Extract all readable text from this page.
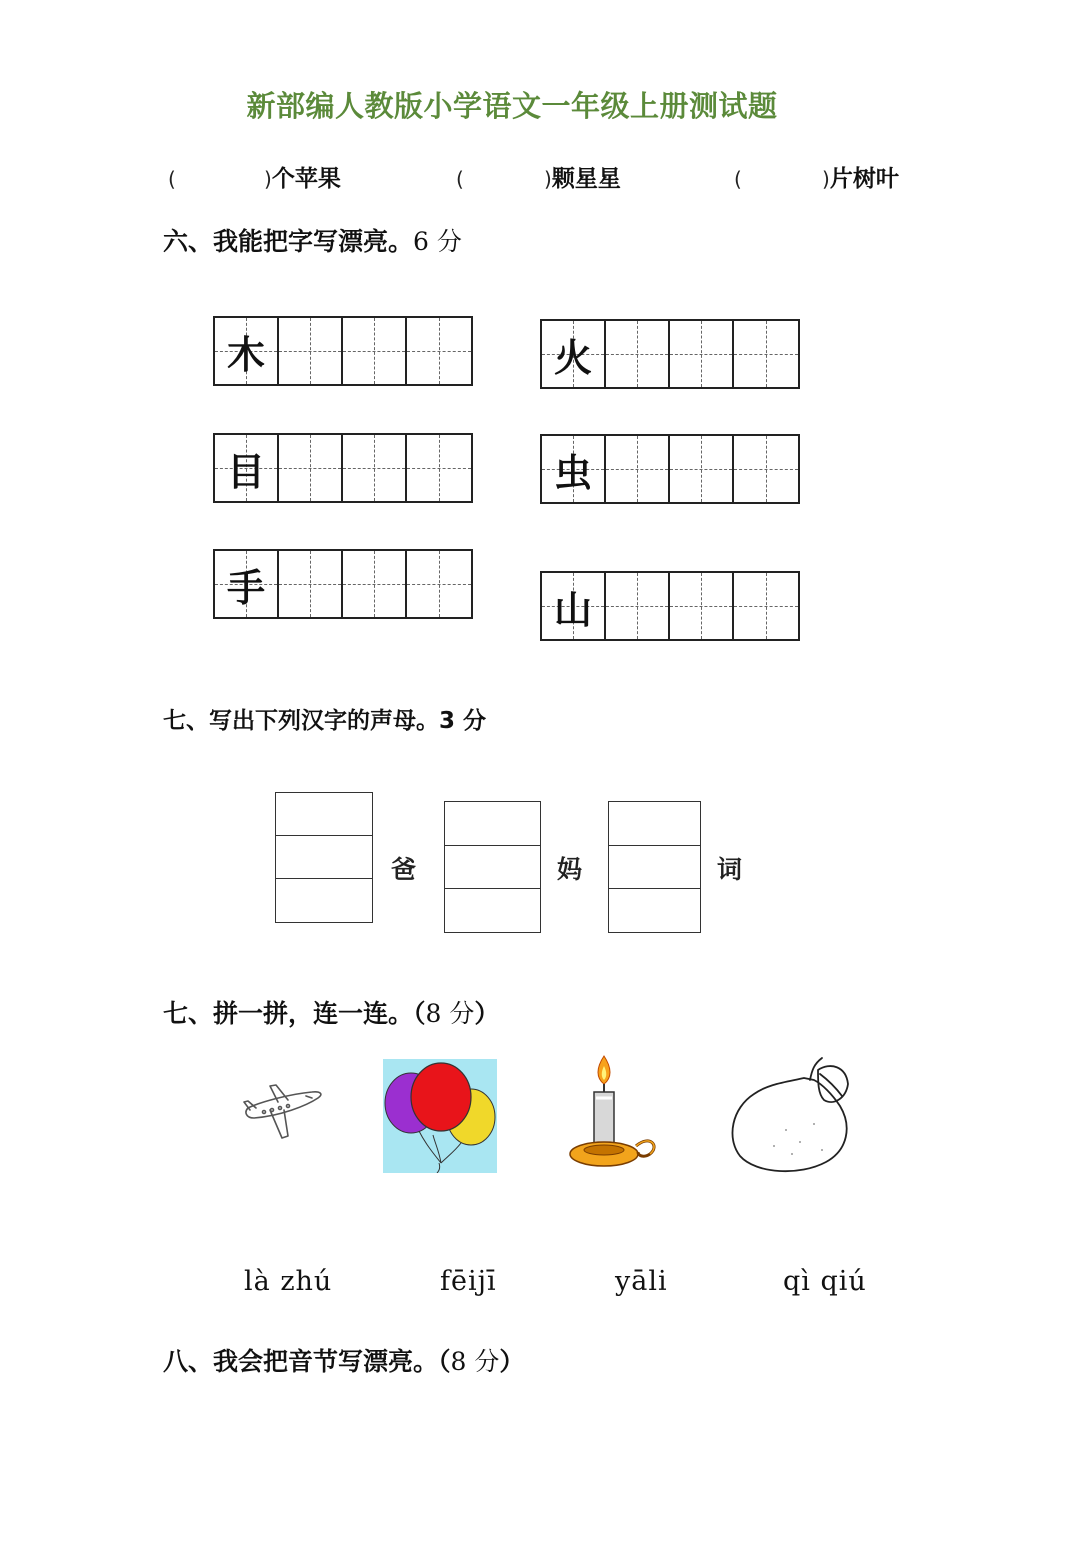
新部编人教版小学语文一年级上册测试题
(	)个苹果	(	)颗星星	(	)片树叶
六、我能把字写漂亮。6 分
木	火
目	虫
手	山
七、写出下列汉字的声母。3 分
爸	妈	词
七、拼一拼，连一连。（8 分）
là zhú	fēijī	yāli	qì qiú
八、我会把音节写漂亮。（8 分）
